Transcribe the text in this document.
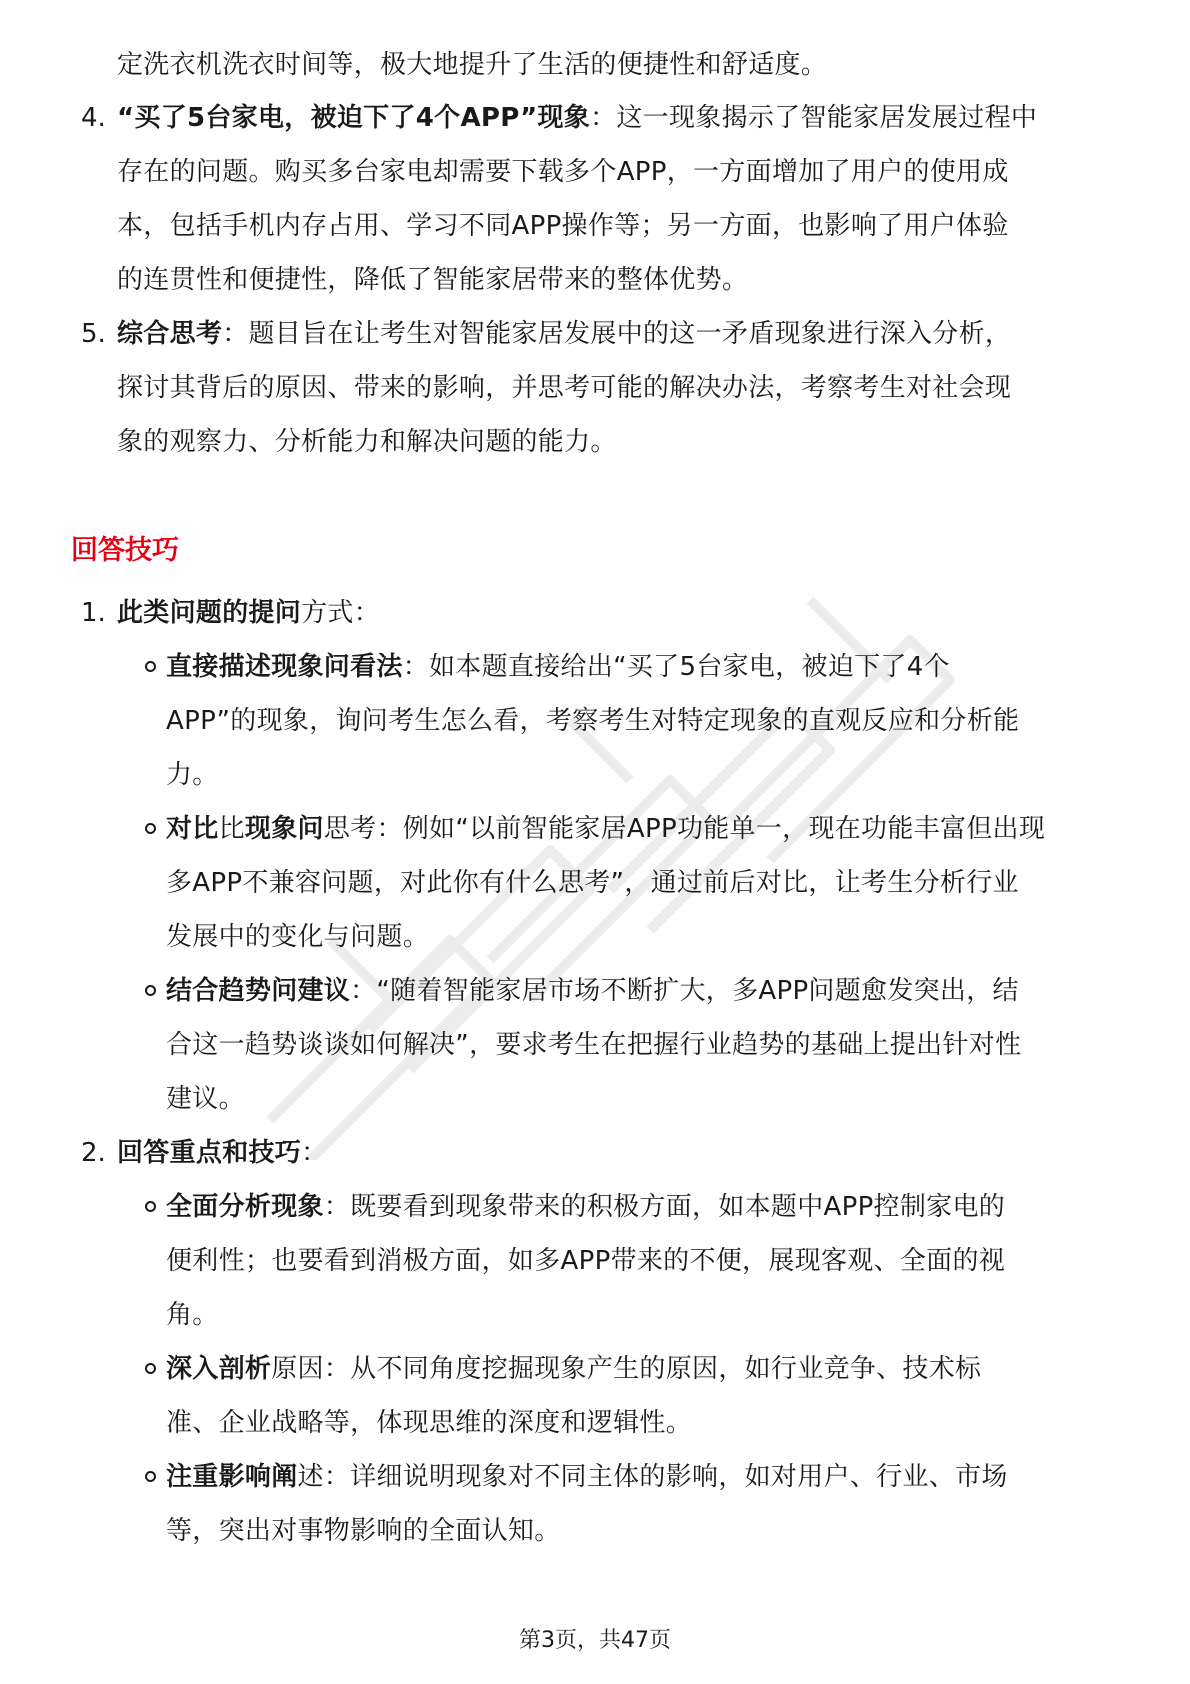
定洗衣机洗衣时间等，极大地提升了生活的便捷性和舒适度。
4. “买了5台家电，被迫下了4个APP”现象：这一现象揭示了智能家居发展过程中
存在的问题。购买多台家电却需要下载多个APP，一方面增加了用户的使用成
本，包括手机内存占用、学习不同APP操作等；另一方面，也影响了用户体验
的连贯性和便捷性，降低了智能家居带来的整体优势。
5. 综合思考：题目旨在让考生对智能家居发展中的这一矛盾现象进行深入分析，
探讨其背后的原因、带来的影响，并思考可能的解决办法，考察考生对社会现
象的观察力、分析能力和解决问题的能力。
回答技巧
1. 此类问题的提问方式：
直接描述现象问看法：如本题直接给出“买了5台家电，被迫下了4个
APP”的现象，询问考生怎么看，考察考生对特定现象的直观反应和分析能
力。
对比比现象问思考：例如“以前智能家居APP功能单一，现在功能丰富但出现
多APP不兼容问题，对此你有什么思考”，通过前后对比，让考生分析行业
发展中的变化与问题。
结合趋势问建议：“随着智能家居市场不断扩大，多APP问题愈发突出，结
合这一趋势谈谈如何解决”，要求考生在把握行业趋势的基础上提出针对性
建议。
2. 回答重点和技巧：
全面分析现象：既要看到现象带来的积极方面，如本题中APP控制家电的
便利性；也要看到消极方面，如多APP带来的不便，展现客观、全面的视
角。
深入剖析原因：从不同角度挖掘现象产生的原因，如行业竞争、技术标
准、企业战略等，体现思维的深度和逻辑性。
注重影响阐述：详细说明现象对不同主体的影响，如对用户、行业、市场
等，突出对事物影响的全面认知。
第3页，共47页
